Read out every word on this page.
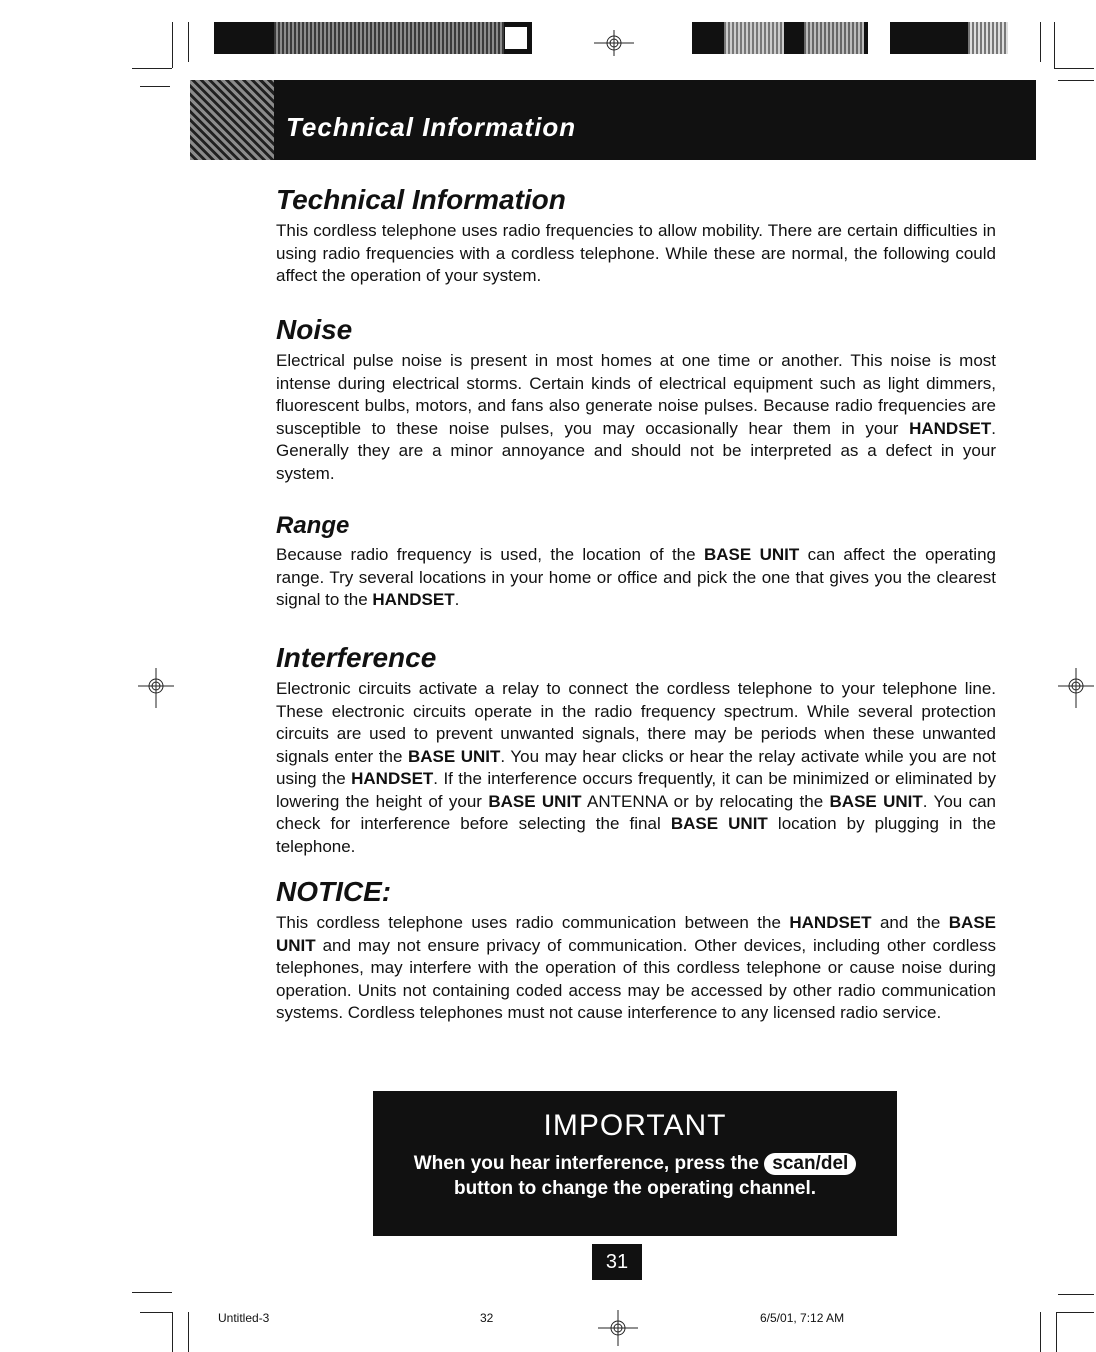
Technical Information
Technical Information

This cordless telephone uses radio frequencies to allow mobility. There are certain difficulties in using radio frequencies with a cordless telephone. While these are normal, the following could affect the operation of your system.

Noise

Electrical pulse noise is present in most homes at one time or another. This noise is most intense during electrical storms. Certain kinds of electrical equipment such as light dimmers, fluorescent bulbs, motors, and fans also generate noise pulses. Because radio frequencies are susceptible to these noise pulses, you may occasionally hear them in your HANDSET. Generally they are a minor annoyance and should not be interpreted as a defect in your system.

Range

Because radio frequency is used, the location of the BASE UNIT can affect the operating range. Try several locations in your home or office and pick the one that gives you the clearest signal to the HANDSET.

Interference

Electronic circuits activate a relay to connect the cordless telephone to your telephone line. These electronic circuits operate in the radio frequency spectrum. While several protection circuits are used to prevent unwanted signals, there may be periods when these unwanted signals enter the BASE UNIT. You may hear clicks or hear the relay activate while you are not using the HANDSET. If the interference occurs frequently, it can be minimized or eliminated by lowering the height of your BASE UNIT ANTENNA or by relocating the BASE UNIT. You can check for interference before selecting the final BASE UNIT location by plugging in the telephone.

NOTICE:

This cordless telephone uses radio communication between the HANDSET and the BASE UNIT and may not ensure privacy of communication. Other devices, including other cordless telephones, may interfere with the operation of this cordless telephone or cause noise during operation. Units not containing coded access may be accessed by other radio communication systems. Cordless telephones must not cause interference to any licensed radio service.

IMPORTANT
When you hear interference, press the scan/del
button to change the operating channel.
31
Untitled-3	32	6/5/01, 7:12 AM
